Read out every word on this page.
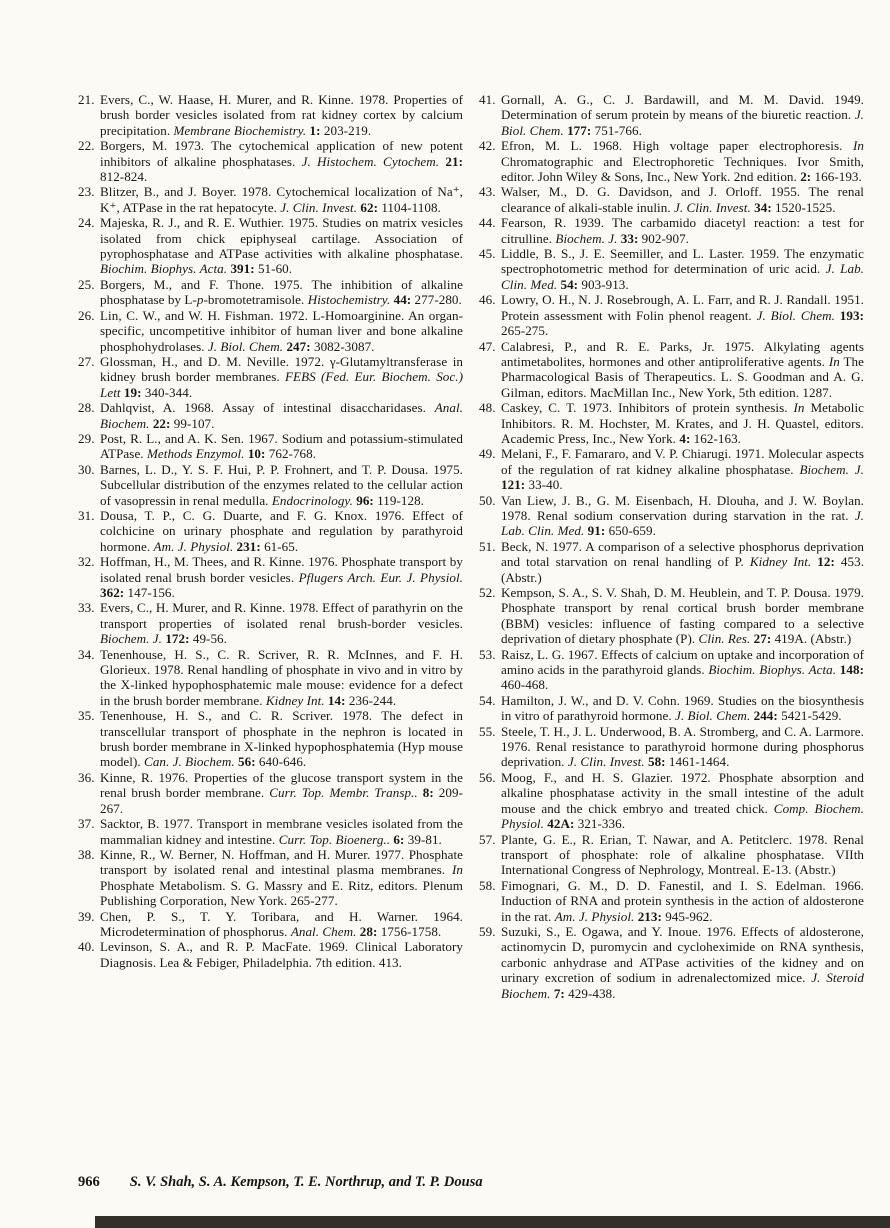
21. Evers, C., W. Haase, H. Murer, and R. Kinne. 1978. Properties of brush border vesicles isolated from rat kidney cortex by calcium precipitation. Membrane Biochemistry. 1: 203-219.
22. Borgers, M. 1973. The cytochemical application of new potent inhibitors of alkaline phosphatases. J. Histochem. Cytochem. 21: 812-824.
23. Blitzer, B., and J. Boyer. 1978. Cytochemical localization of Na⁺, K⁺, ATPase in the rat hepatocyte. J. Clin. Invest. 62: 1104-1108.
24. Majeska, R. J., and R. E. Wuthier. 1975. Studies on matrix vesicles isolated from chick epiphyseal cartilage. Association of pyrophosphatase and ATPase activities with alkaline phosphatase. Biochim. Biophys. Acta. 391: 51-60.
25. Borgers, M., and F. Thone. 1975. The inhibition of alkaline phosphatase by L-p-bromotetramisole. Histochemistry. 44: 277-280.
26. Lin, C. W., and W. H. Fishman. 1972. L-Homoarginine. An organ-specific, uncompetitive inhibitor of human liver and bone alkaline phosphohydrolases. J. Biol. Chem. 247: 3082-3087.
27. Glossman, H., and D. M. Neville. 1972. γ-Glutamyltransferase in kidney brush border membranes. FEBS (Fed. Eur. Biochem. Soc.) Lett 19: 340-344.
28. Dahlqvist, A. 1968. Assay of intestinal disaccharidases. Anal. Biochem. 22: 99-107.
29. Post, R. L., and A. K. Sen. 1967. Sodium and potassium-stimulated ATPase. Methods Enzymol. 10: 762-768.
30. Barnes, L. D., Y. S. F. Hui, P. P. Frohnert, and T. P. Dousa. 1975. Subcellular distribution of the enzymes related to the cellular action of vasopressin in renal medulla. Endocrinology. 96: 119-128.
31. Dousa, T. P., C. G. Duarte, and F. G. Knox. 1976. Effect of colchicine on urinary phosphate and regulation by parathyroid hormone. Am. J. Physiol. 231: 61-65.
32. Hoffman, H., M. Thees, and R. Kinne. 1976. Phosphate transport by isolated renal brush border vesicles. Pflugers Arch. Eur. J. Physiol. 362: 147-156.
33. Evers, C., H. Murer, and R. Kinne. 1978. Effect of parathyrin on the transport properties of isolated renal brush-border vesicles. Biochem. J. 172: 49-56.
34. Tenenhouse, H. S., C. R. Scriver, R. R. McInnes, and F. H. Glorieux. 1978. Renal handling of phosphate in vivo and in vitro by the X-linked hypophosphatemic male mouse: evidence for a defect in the brush border membrane. Kidney Int. 14: 236-244.
35. Tenenhouse, H. S., and C. R. Scriver. 1978. The defect in transcellular transport of phosphate in the nephron is located in brush border membrane in X-linked hypophosphatemia (Hyp mouse model). Can. J. Biochem. 56: 640-646.
36. Kinne, R. 1976. Properties of the glucose transport system in the renal brush border membrane. Curr. Top. Membr. Transp.. 8: 209-267.
37. Sacktor, B. 1977. Transport in membrane vesicles isolated from the mammalian kidney and intestine. Curr. Top. Bioenerg.. 6: 39-81.
38. Kinne, R., W. Berner, N. Hoffman, and H. Murer. 1977. Phosphate transport by isolated renal and intestinal plasma membranes. In Phosphate Metabolism. S. G. Massry and E. Ritz, editors. Plenum Publishing Corporation, New York. 265-277.
39. Chen, P. S., T. Y. Toribara, and H. Warner. 1964. Microdetermination of phosphorus. Anal. Chem. 28: 1756-1758.
40. Levinson, S. A., and R. P. MacFate. 1969. Clinical Laboratory Diagnosis. Lea & Febiger, Philadelphia. 7th edition. 413.
41. Gornall, A. G., C. J. Bardawill, and M. M. David. 1949. Determination of serum protein by means of the biuretic reaction. J. Biol. Chem. 177: 751-766.
42. Efron, M. L. 1968. High voltage paper electrophoresis. In Chromatographic and Electrophoretic Techniques. Ivor Smith, editor. John Wiley & Sons, Inc., New York. 2nd edition. 2: 166-193.
43. Walser, M., D. G. Davidson, and J. Orloff. 1955. The renal clearance of alkali-stable inulin. J. Clin. Invest. 34: 1520-1525.
44. Fearson, R. 1939. The carbamido diacetyl reaction: a test for citrulline. Biochem. J. 33: 902-907.
45. Liddle, B. S., J. E. Seemiller, and L. Laster. 1959. The enzymatic spectrophotometric method for determination of uric acid. J. Lab. Clin. Med. 54: 903-913.
46. Lowry, O. H., N. J. Rosebrough, A. L. Farr, and R. J. Randall. 1951. Protein assessment with Folin phenol reagent. J. Biol. Chem. 193: 265-275.
47. Calabresi, P., and R. E. Parks, Jr. 1975. Alkylating agents antimetabolites, hormones and other antiproliferative agents. In The Pharmacological Basis of Therapeutics. L. S. Goodman and A. G. Gilman, editors. MacMillan Inc., New York, 5th edition. 1287.
48. Caskey, C. T. 1973. Inhibitors of protein synthesis. In Metabolic Inhibitors. R. M. Hochster, M. Krates, and J. H. Quastel, editors. Academic Press, Inc., New York. 4: 162-163.
49. Melani, F., F. Famararo, and V. P. Chiarugi. 1971. Molecular aspects of the regulation of rat kidney alkaline phosphatase. Biochem. J. 121: 33-40.
50. Van Liew, J. B., G. M. Eisenbach, H. Dlouha, and J. W. Boylan. 1978. Renal sodium conservation during starvation in the rat. J. Lab. Clin. Med. 91: 650-659.
51. Beck, N. 1977. A comparison of a selective phosphorus deprivation and total starvation on renal handling of P. Kidney Int. 12: 453. (Abstr.)
52. Kempson, S. A., S. V. Shah, D. M. Heublein, and T. P. Dousa. 1979. Phosphate transport by renal cortical brush border membrane (BBM) vesicles: influence of fasting compared to a selective deprivation of dietary phosphate (P). Clin. Res. 27: 419A. (Abstr.)
53. Raisz, L. G. 1967. Effects of calcium on uptake and incorporation of amino acids in the parathyroid glands. Biochim. Biophys. Acta. 148: 460-468.
54. Hamilton, J. W., and D. V. Cohn. 1969. Studies on the biosynthesis in vitro of parathyroid hormone. J. Biol. Chem. 244: 5421-5429.
55. Steele, T. H., J. L. Underwood, B. A. Stromberg, and C. A. Larmore. 1976. Renal resistance to parathyroid hormone during phosphorus deprivation. J. Clin. Invest. 58: 1461-1464.
56. Moog, F., and H. S. Glazier. 1972. Phosphate absorption and alkaline phosphatase activity in the small intestine of the adult mouse and the chick embryo and treated chick. Comp. Biochem. Physiol. 42A: 321-336.
57. Plante, G. E., R. Erian, T. Nawar, and A. Petitclerc. 1978. Renal transport of phosphate: role of alkaline phosphatase. VIIth International Congress of Nephrology, Montreal. E-13. (Abstr.)
58. Fimognari, G. M., D. D. Fanestil, and I. S. Edelman. 1966. Induction of RNA and protein synthesis in the action of aldosterone in the rat. Am. J. Physiol. 213: 945-962.
59. Suzuki, S., E. Ogawa, and Y. Inoue. 1976. Effects of aldosterone, actinomycin D, puromycin and cycloheximide on RNA synthesis, carbonic anhydrase and ATPase activities of the kidney and on urinary excretion of sodium in adrenalectomized mice. J. Steroid Biochem. 7: 429-438.
966 S. V. Shah, S. A. Kempson, T. E. Northrup, and T. P. Dousa
